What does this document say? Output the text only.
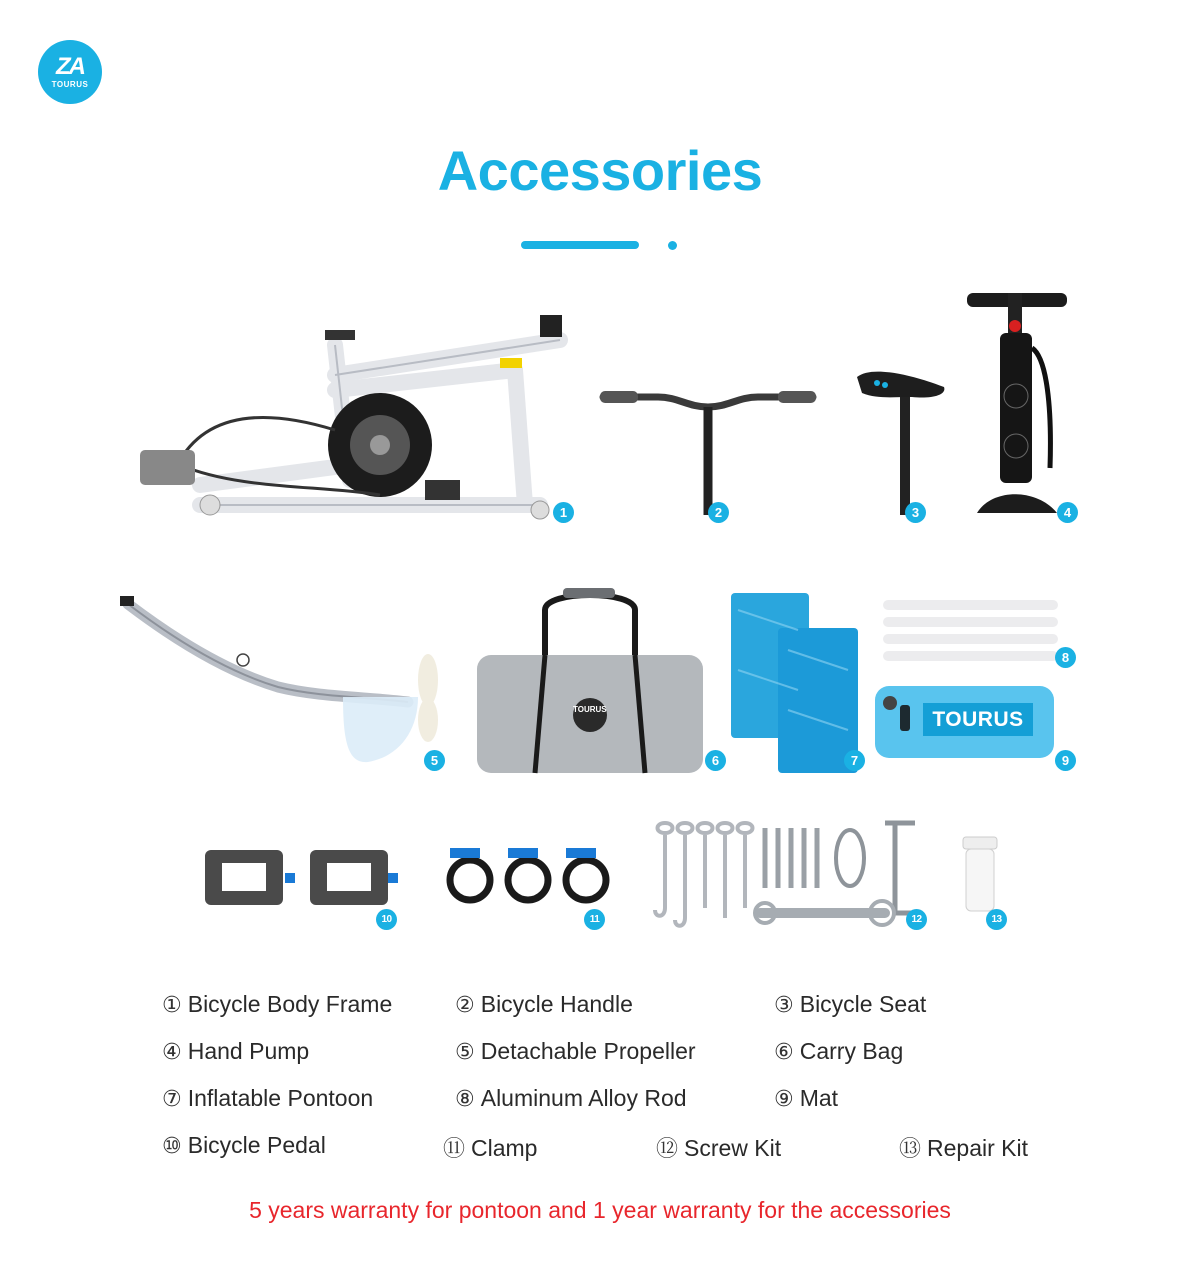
ZA
TOURUS
Accessories
1	2	3	4
5
TOURUS
6	7
8
TOURUS
9
10	11	12	13
① Bicycle Body Frame	② Bicycle Handle	③ Bicycle Seat
④ Hand Pump	⑤ Detachable Propeller	⑥ Carry Bag
⑦ Inflatable Pontoon	⑧ Aluminum Alloy Rod	⑨ Mat
⑩ Bicycle Pedal	⑪ Clamp	⑫ Screw Kit	⑬ Repair Kit
5 years warranty for pontoon and 1 year warranty for the accessories
